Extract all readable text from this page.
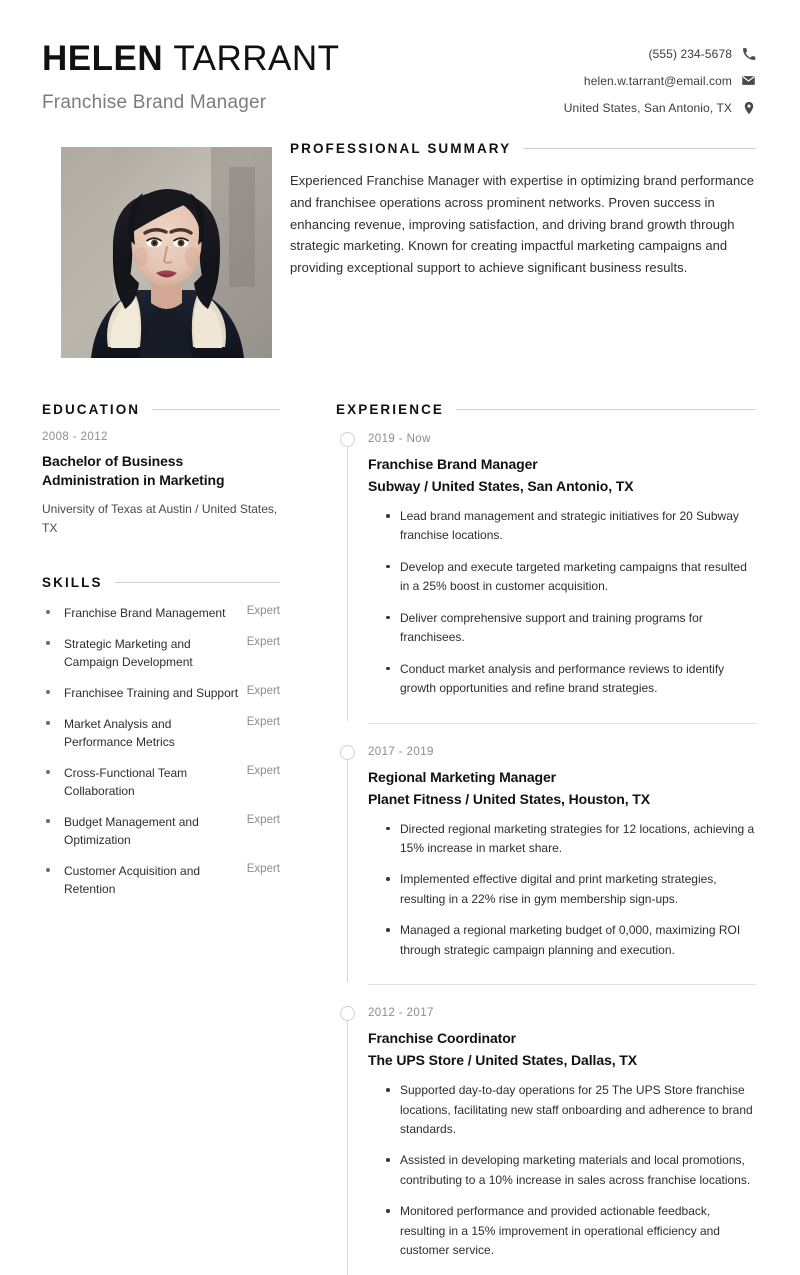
HELEN TARRANT
Franchise Brand Manager
(555) 234-5678
helen.w.tarrant@email.com
United States, San Antonio, TX
PROFESSIONAL SUMMARY
Experienced Franchise Manager with expertise in optimizing brand performance and franchisee operations across prominent networks. Proven success in enhancing revenue, improving satisfaction, and driving brand growth through strategic marketing. Known for creating impactful marketing campaigns and providing exceptional support to achieve significant business results.
EDUCATION
2008 - 2012
Bachelor of Business Administration in Marketing
University of Texas at Austin / United States, TX
SKILLS
Franchise Brand Management	Expert
Strategic Marketing and Campaign Development
Expert
Franchisee Training and Support Expert
Market Analysis and Performance Metrics
Expert
Cross-Functional Team Collaboration
Expert
Budget Management and Optimization
Expert
Customer Acquisition and Retention
Expert
EXPERIENCE
2019 - Now
Franchise Brand Manager
Subway / United States, San Antonio, TX
Lead brand management and strategic initiatives for 20 Subway franchise locations.
Develop and execute targeted marketing campaigns that resulted in a 25% boost in customer acquisition.
Deliver comprehensive support and training programs for franchisees.
Conduct market analysis and performance reviews to identify growth opportunities and refine brand strategies.
2017 - 2019
Regional Marketing Manager
Planet Fitness / United States, Houston, TX
Directed regional marketing strategies for 12 locations, achieving a 15% increase in market share.
Implemented effective digital and print marketing strategies, resulting in a 22% rise in gym membership sign-ups.
Managed a regional marketing budget of 0,000, maximizing ROI through strategic campaign planning and execution.
2012 - 2017
Franchise Coordinator
The UPS Store / United States, Dallas, TX
Supported day-to-day operations for 25 The UPS Store franchise locations, facilitating new staff onboarding and adherence to brand standards.
Assisted in developing marketing materials and local promotions, contributing to a 10% increase in sales across franchise locations.
Monitored performance and provided actionable feedback, resulting in a 15% improvement in operational efficiency and customer service.
